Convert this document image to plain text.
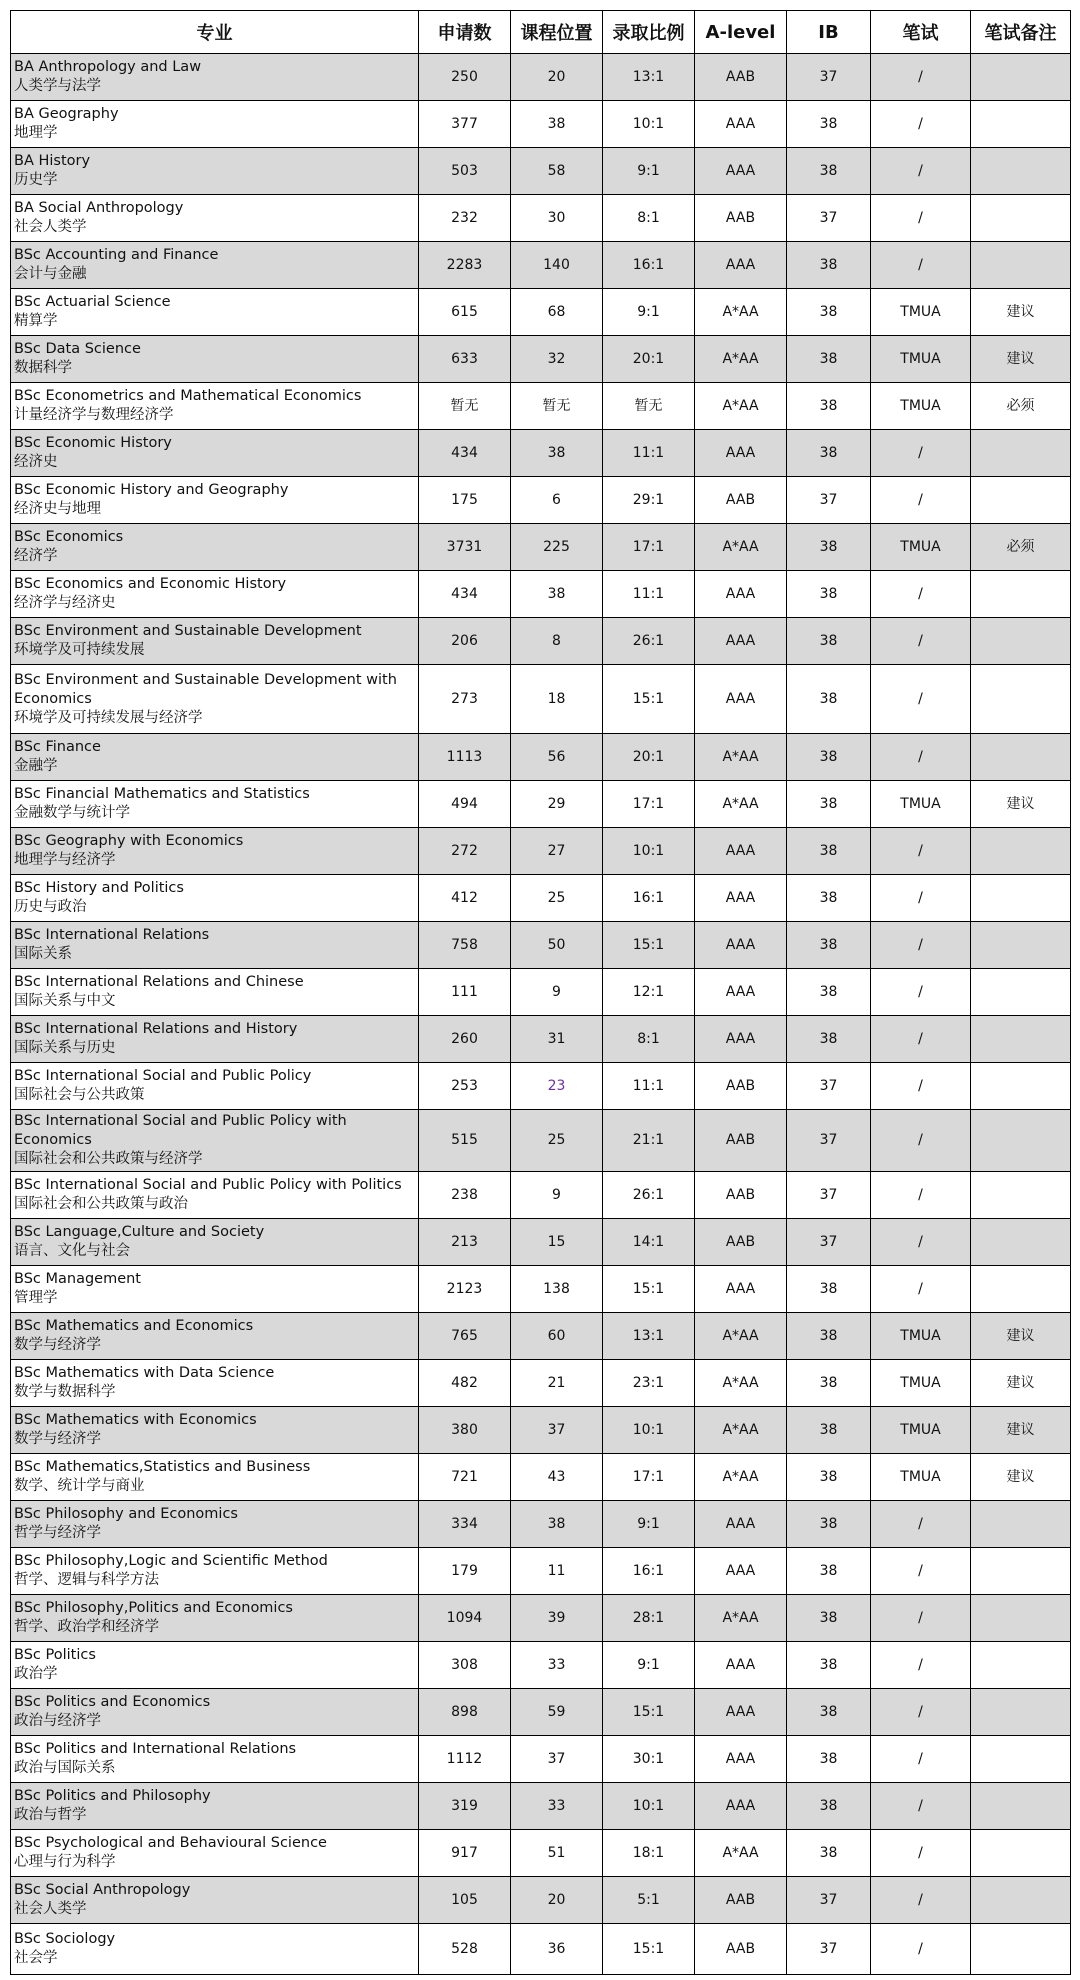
专业	申请数	课程位置	录取比例	A-level	IB	笔试	笔试备注

BA Anthropology and Law
人类学与法学	250	20	13:1	AAB	37	/	

BA Geography
地理学	377	38	10:1	AAA	38	/	

BA History
历史学	503	58	9:1	AAA	38	/	

BA Social Anthropology
社会人类学	232	30	8:1	AAB	37	/	

BSc Accounting and Finance
会计与金融	2283	140	16:1	AAA	38	/	

BSc Actuarial Science
精算学	615	68	9:1	A*AA	38	TMUA	建议

BSc Data Science
数据科学	633	32	20:1	A*AA	38	TMUA	建议

BSc Econometrics and Mathematical Economics
计量经济学与数理经济学	暂无	暂无	暂无	A*AA	38	TMUA	必须

BSc Economic History
经济史	434	38	11:1	AAA	38	/	

BSc Economic History and Geography
经济史与地理	175	6	29:1	AAB	37	/	

BSc Economics
经济学	3731	225	17:1	A*AA	38	TMUA	必须

BSc Economics and Economic History
经济学与经济史	434	38	11:1	AAA	38	/	

BSc Environment and Sustainable Development
环境学及可持续发展	206	8	26:1	AAA	38	/	

BSc Environment and Sustainable Development with Economics
环境学及可持续发展与经济学	273	18	15:1	AAA	38	/	

BSc Finance
金融学	1113	56	20:1	A*AA	38	/	

BSc Financial Mathematics and Statistics
金融数学与统计学	494	29	17:1	A*AA	38	TMUA	建议

BSc Geography with Economics
地理学与经济学	272	27	10:1	AAA	38	/	

BSc History and Politics
历史与政治	412	25	16:1	AAA	38	/	

BSc International Relations
国际关系	758	50	15:1	AAA	38	/	

BSc International Relations and Chinese
国际关系与中文	111	9	12:1	AAA	38	/	

BSc International Relations and History
国际关系与历史	260	31	8:1	AAA	38	/	

BSc International Social and Public Policy
国际社会与公共政策	253	23	11:1	AAB	37	/	

BSc International Social and Public Policy with Economics
国际社会和公共政策与经济学	515	25	21:1	AAB	37	/	

BSc International Social and Public Policy with Politics
国际社会和公共政策与政治	238	9	26:1	AAB	37	/	

BSc Language,Culture and Society
语言、文化与社会	213	15	14:1	AAB	37	/	

BSc Management
管理学	2123	138	15:1	AAA	38	/	

BSc Mathematics and Economics
数学与经济学	765	60	13:1	A*AA	38	TMUA	建议

BSc Mathematics with Data Science
数学与数据科学	482	21	23:1	A*AA	38	TMUA	建议

BSc Mathematics with Economics
数学与经济学	380	37	10:1	A*AA	38	TMUA	建议

BSc Mathematics,Statistics and Business
数学、统计学与商业	721	43	17:1	A*AA	38	TMUA	建议

BSc Philosophy and Economics
哲学与经济学	334	38	9:1	AAA	38	/	

BSc Philosophy,Logic and Scientific Method
哲学、逻辑与科学方法	179	11	16:1	AAA	38	/	

BSc Philosophy,Politics and Economics
哲学、政治学和经济学	1094	39	28:1	A*AA	38	/	

BSc Politics
政治学	308	33	9:1	AAA	38	/	

BSc Politics and Economics
政治与经济学	898	59	15:1	AAA	38	/	

BSc Politics and International Relations
政治与国际关系	1112	37	30:1	AAA	38	/	

BSc Politics and Philosophy
政治与哲学	319	33	10:1	AAA	38	/	

BSc Psychological and Behavioural Science
心理与行为科学	917	51	18:1	A*AA	38	/	

BSc Social Anthropology
社会人类学	105	20	5:1	AAB	37	/	

BSc Sociology
社会学	528	36	15:1	AAB	37	/	
